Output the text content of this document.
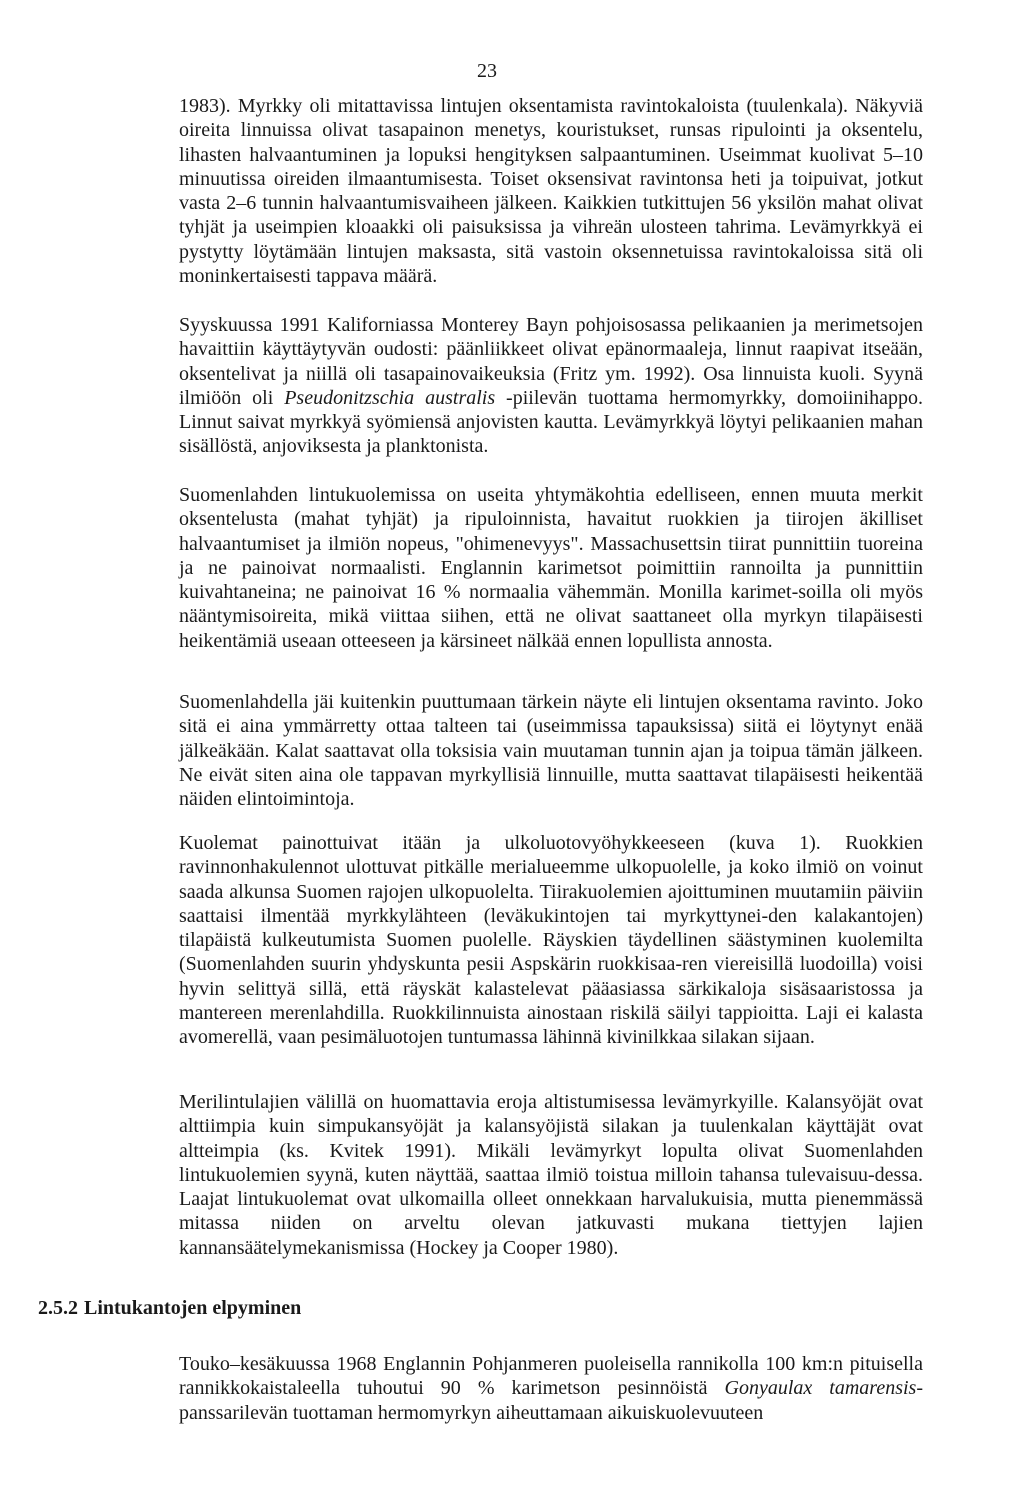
23

1983). Myrkky oli mitattavissa lintujen oksentamista ravintokaloista (tuulenkala). Näkyviä oireita linnuissa olivat tasapainon menetys, kouristukset, runsas ripulointi ja oksentelu, lihasten halvaantuminen ja lopuksi hengityksen salpaantuminen. Useimmat kuolivat 5–10 minuutissa oireiden ilmaantumisesta. Toiset oksensivat ravintonsa heti ja toipuivat, jotkut vasta 2–6 tunnin halvaantumisvaiheen jälkeen. Kaikkien tutkittujen 56 yksilön mahat olivat tyhjät ja useimpien kloaakki oli paisuksissa ja vihreän ulosteen tahrima. Levämyrkkyä ei pystytty löytämään lintujen maksasta, sitä vastoin oksennetuissa ravintokaloissa sitä oli moninkertaisesti tappava määrä.

Syyskuussa 1991 Kaliforniassa Monterey Bayn pohjoisosassa pelikaanien ja merimetsojen havaittiin käyttäytyvän oudosti: päänliikkeet olivat epänormaaleja, linnut raapivat itseään, oksentelivat ja niillä oli tasapainovaikeuksia (Fritz ym. 1992). Osa linnuista kuoli. Syynä ilmiöön oli Pseudonitzschia australis -piilevän tuottama hermomyrkky, domoiinihappo. Linnut saivat myrkkyä syömiensä anjovisten kautta. Levämyrkkyä löytyi pelikaanien mahan sisällöstä, anjoviksesta ja planktonista.

Suomenlahden lintukuolemissa on useita yhtymäkohtia edelliseen, ennen muuta merkit oksentelusta (mahat tyhjät) ja ripuloinnista, havaitut ruokkien ja tiirojen äkilliset halvaantumiset ja ilmiön nopeus, "ohimenevyys". Massachusettsin tiirat punnittiin tuoreina ja ne painoivat normaalisti. Englannin karimetsot poimittiin rannoilta ja punnittiin kuivahtaneina; ne painoivat 16 % normaalia vähemmän. Monilla karimet-soilla oli myös nääntymisoireita, mikä viittaa siihen, että ne olivat saattaneet olla myrkyn tilapäisesti heikentämiä useaan otteeseen ja kärsineet nälkää ennen lopullista annosta.

Suomenlahdella jäi kuitenkin puuttumaan tärkein näyte eli lintujen oksentama ravinto. Joko sitä ei aina ymmärretty ottaa talteen tai (useimmissa tapauksissa) siitä ei löytynyt enää jälkeäkään. Kalat saattavat olla toksisia vain muutaman tunnin ajan ja toipua tämän jälkeen. Ne eivät siten aina ole tappavan myrkyllisiä linnuille, mutta saattavat tilapäisesti heikentää näiden elintoimintoja.

Kuolemat painottuivat itään ja ulkoluotovyöhykkeeseen (kuva 1). Ruokkien ravinnonhakulennot ulottuvat pitkälle merialueemme ulkopuolelle, ja koko ilmiö on voinut saada alkunsa Suomen rajojen ulkopuolelta. Tiirakuolemien ajoittuminen muutamiin päiviin saattaisi ilmentää myrkkylähteen (leväkukintojen tai myrkyttynei-den kalakantojen) tilapäistä kulkeutumista Suomen puolelle. Räyskien täydellinen säästyminen kuolemilta (Suomenlahden suurin yhdyskunta pesii Aspskärin ruokkisaa-ren viereisillä luodoilla) voisi hyvin selittyä sillä, että räyskät kalastelevat pääasiassa särkikaloja sisäsaaristossa ja mantereen merenlahdilla. Ruokkilinnuista ainostaan riskilä säilyi tappioitta. Laji ei kalasta avomerellä, vaan pesimäluotojen tuntumassa lähinnä kivinilkkaa silakan sijaan.

Merilintulajien välillä on huomattavia eroja altistumisessa levämyrkyille. Kalansyöjät ovat alttiimpia kuin simpukansyöjät ja kalansyöjistä silakan ja tuulenkalan käyttäjät ovat altteimpia (ks. Kvitek 1991). Mikäli levämyrkyt lopulta olivat Suomenlahden lintukuolemien syynä, kuten näyttää, saattaa ilmiö toistua milloin tahansa tulevaisuu-dessa. Laajat lintukuolemat ovat ulkomailla olleet onnekkaan harvalukuisia, mutta pienemmässä mitassa niiden on arveltu olevan jatkuvasti mukana tiettyjen lajien kannansäätelymekanismissa (Hockey ja Cooper 1980).

2.5.2 Lintukantojen elpyminen

Touko–kesäkuussa 1968 Englannin Pohjanmeren puoleisella rannikolla 100 km:n pituisella rannikkokaistaleella tuhoutui 90 % karimetson pesinnöistä Gonyaulax tamarensis-panssarilevän tuottaman hermomyrkyn aiheuttamaan aikuiskuolevuuteen
